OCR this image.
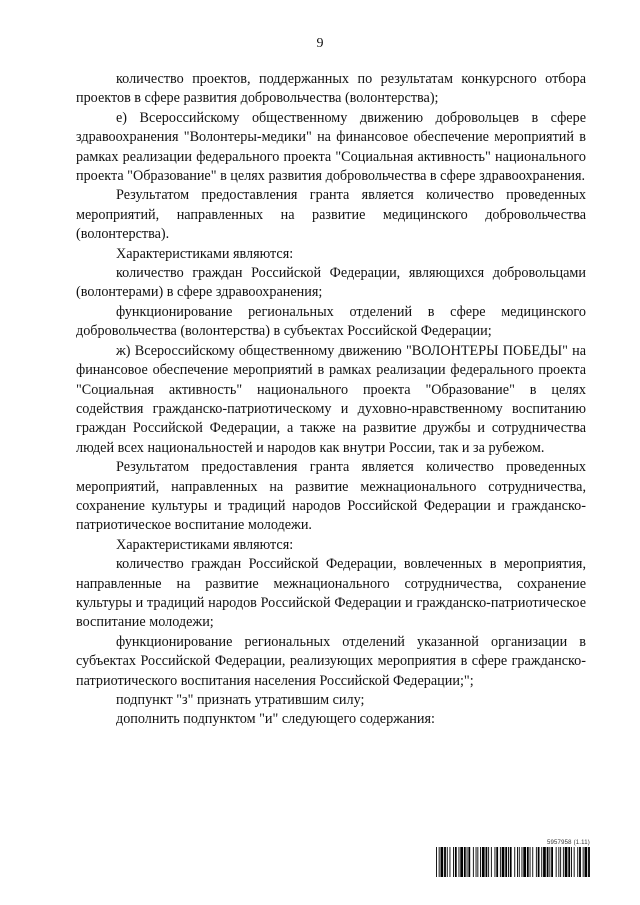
9

количество проектов, поддержанных по результатам конкурсного отбора проектов в сфере развития добровольчества (волонтерства);

е) Всероссийскому общественному движению добровольцев в сфере здравоохранения "Волонтеры-медики" на финансовое обеспечение мероприятий в рамках реализации федерального проекта "Социальная активность" национального проекта "Образование" в целях развития добровольчества в сфере здравоохранения.

Результатом предоставления гранта является количество проведенных мероприятий, направленных на развитие медицинского добровольчества (волонтерства).

Характеристиками являются:

количество граждан Российской Федерации, являющихся добровольцами (волонтерами) в сфере здравоохранения;

функционирование региональных отделений в сфере медицинского добровольчества (волонтерства) в субъектах Российской Федерации;

ж) Всероссийскому общественному движению "ВОЛОНТЕРЫ ПОБЕДЫ" на финансовое обеспечение мероприятий в рамках реализации федерального проекта "Социальная активность" национального проекта "Образование" в целях содействия гражданско-патриотическому и духовно-нравственному воспитанию граждан Российской Федерации, а также на развитие дружбы и сотрудничества людей всех национальностей и народов как внутри России, так и за рубежом.

Результатом предоставления гранта является количество проведенных мероприятий, направленных на развитие межнационального сотрудничества, сохранение культуры и традиций народов Российской Федерации и гражданско-патриотическое воспитание молодежи.

Характеристиками являются:

количество граждан Российской Федерации, вовлеченных в мероприятия, направленные на развитие межнационального сотрудничества, сохранение культуры и традиций народов Российской Федерации и гражданско-патриотическое воспитание молодежи;

функционирование региональных отделений указанной организации в субъектах Российской Федерации, реализующих мероприятия в сфере гражданско-патриотического воспитания населения Российской Федерации;";

подпункт "з" признать утратившим силу;

дополнить подпунктом "и" следующего содержания:

5957958 (1.11)
